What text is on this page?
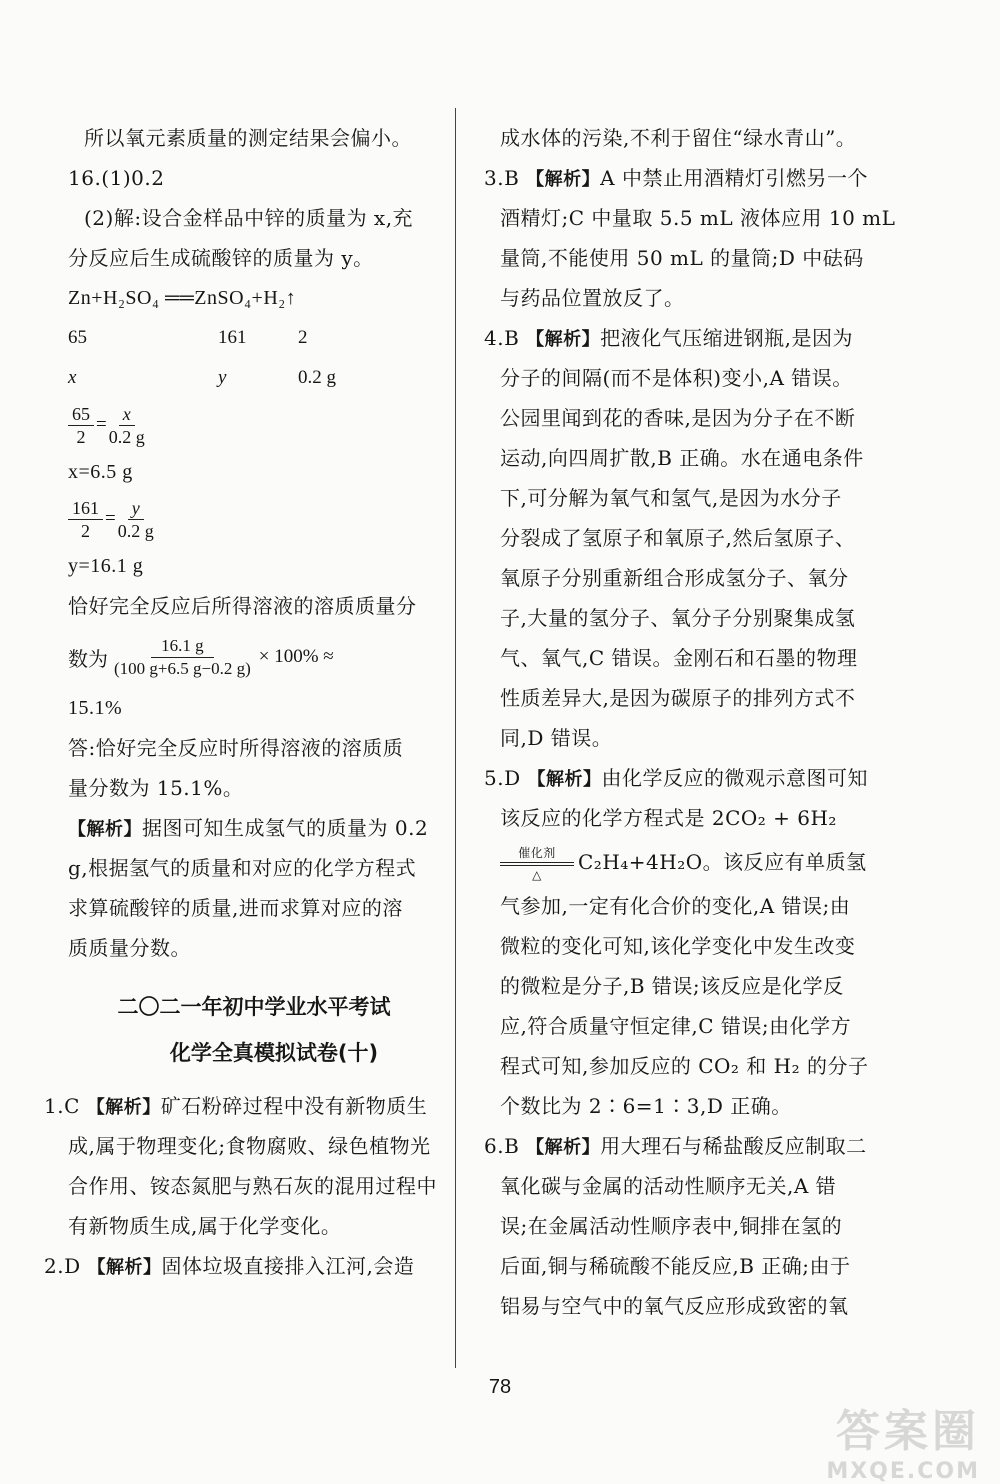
所以氧元素质量的测定结果会偏小。
16.(1)0.2
(2)解:设合金样品中锌的质量为 x,充
分反应后生成硫酸锌的质量为 y。
Zn+H₂SO₄ ══ZnSO₄+H₂↑
65	161	2
x	y	0.2 g
$\frac{65}{2} = \frac{x}{0.2 g}$
x=6.5 g
$\frac{161}{2} = \frac{y}{0.2 g}$
y=16.1 g
恰好完全反应后所得溶液的溶质质量分
数为 $\frac{16.1 g}{(100 g+6.5 g-0.2 g)} \times 100\%$ ≈
15.1%
答:恰好完全反应时所得溶液的溶质质
量分数为 15.1%。
【解析】据图可知生成氢气的质量为 0.2
g,根据氢气的质量和对应的化学方程式
求算硫酸锌的质量,进而求算对应的溶
质质量分数。
二〇二一年初中学业水平考试
化学全真模拟试卷(十)
1.C 【解析】矿石粉碎过程中没有新物质生
成,属于物理变化;食物腐败、绿色植物光
合作用、铵态氮肥与熟石灰的混用过程中
有新物质生成,属于化学变化。
2.D 【解析】固体垃圾直接排入江河,会造
成水体的污染,不利于留住“绿水青山”。
3.B 【解析】A 中禁止用酒精灯引燃另一个
酒精灯;C 中量取 5.5 mL 液体应用 10 mL
量筒,不能使用 50 mL 的量筒;D 中砝码
与药品位置放反了。
4.B 【解析】把液化气压缩进钢瓶,是因为
分子的间隔(而不是体积)变小,A 错误。
公园里闻到花的香味,是因为分子在不断
运动,向四周扩散,B 正确。水在通电条件
下,可分解为氧气和氢气,是因为水分子
分裂成了氢原子和氧原子,然后氢原子、
氧原子分别重新组合形成氢分子、氧分
子,大量的氢分子、氧分子分别聚集成氢
气、氧气,C 错误。金刚石和石墨的物理
性质差异大,是因为碳原子的排列方式不
同,D 错误。
5.D 【解析】由化学反应的微观示意图可知
该反应的化学方程式是 2CO₂ + 6H₂
催化剂
△
C₂H₄+4H₂O。该反应有单质氢
气参加,一定有化合价的变化,A 错误;由
微粒的变化可知,该化学变化中发生改变
的微粒是分子,B 错误;该反应是化学反
应,符合质量守恒定律,C 错误;由化学方
程式可知,参加反应的 CO₂ 和 H₂ 的分子
个数比为 2∶6=1∶3,D 正确。
6.B 【解析】用大理石与稀盐酸反应制取二
氧化碳与金属的活动性顺序无关,A 错
误;在金属活动性顺序表中,铜排在氢的
后面,铜与稀硫酸不能反应,B 正确;由于
铝易与空气中的氧气反应形成致密的氧
78
答案圈
MXQE.COM
